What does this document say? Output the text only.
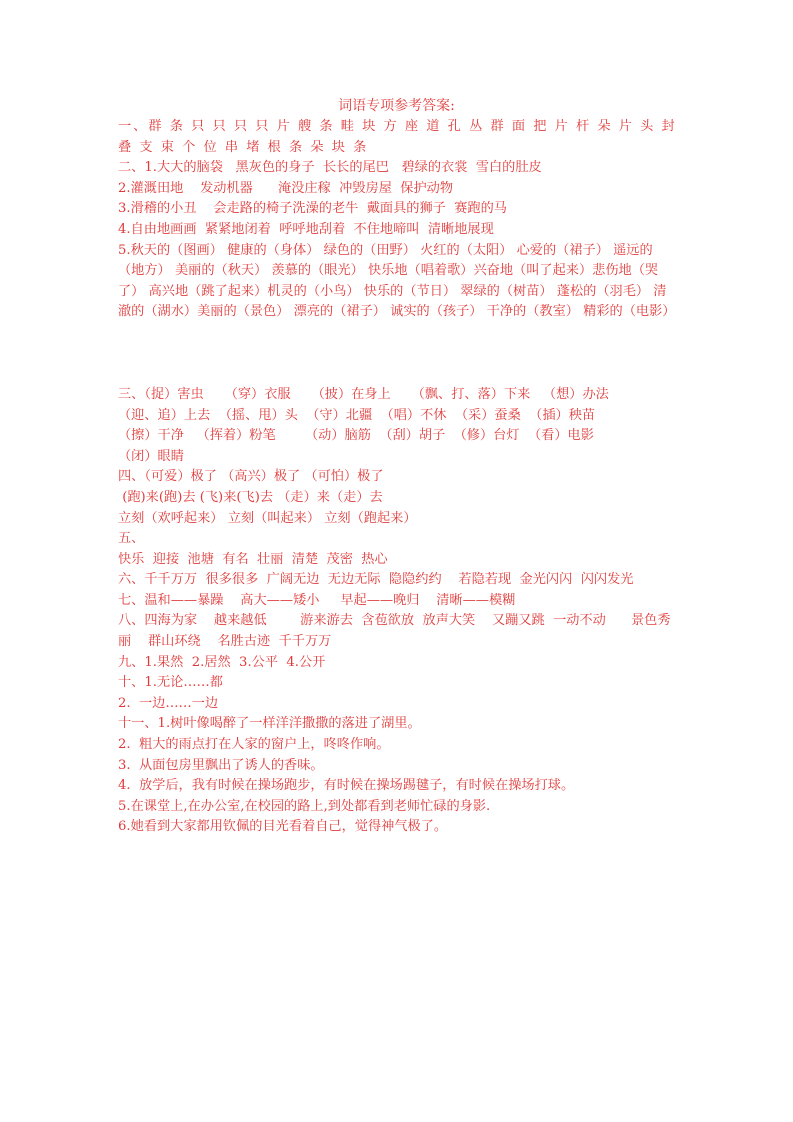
词语专项参考答案:
一、群 条 只 只 只 只 片 艘 条 畦 块 方 座 道 孔 丛 群 面 把 片 杆 朵 片 头 封 叠 支 束 个 位 串 堵 根 条 朵 块 条
二、1.大大的脑袋   黑灰色的身子  长长的尾巴   碧绿的衣裳  雪白的肚皮
2.灌溉田地    发动机器      淹没庄稼  冲毁房屋  保护动物
3.滑稽的小丑    会走路的椅子洗澡的老牛  戴面具的狮子  赛跑的马
4.自由地画画  紧紧地闭着  呼呼地刮着  不住地啼叫  清晰地展现
5.秋天的（图画） 健康的（身体） 绿色的（田野） 火红的（太阳） 心爱的（裙子） 遥远的（地方） 美丽的（秋天） 羡慕的（眼光） 快乐地（唱着歌）兴奋地（叫了起来）悲伤地（哭了） 高兴地（跳了起来）机灵的（小鸟） 快乐的（节日） 翠绿的（树苗） 蓬松的（羽毛） 清澈的（湖水）美丽的（景色） 漂亮的（裙子） 诚实的（孩子） 干净的（教室） 精彩的（电影）
三、（捉）害虫     （穿）衣服     （披）在身上     （飘、打、落）下来   （想）办法
（迎、追）上去  （摇、甩）头  （守）北疆  （唱）不休  （采）蚕桑  （插）秧苗
（擦）干净   （挥着）粉笔       （动）脑筋  （刮）胡子  （修）台灯  （看）电影
（闭）眼睛
四、（可爱）极了 （高兴）极了 （可怕）极了
(跑)来(跑)去 (飞)来(飞)去 （走）来（走）去
立刻（欢呼起来） 立刻（叫起来） 立刻（跑起来）
五、
快乐  迎接  池塘  有名  壮丽  清楚  茂密  热心
六、千千万万  很多很多  广阔无边  无边无际  隐隐约约    若隐若现  金光闪闪  闪闪发光
七、温和——暴躁    高大——矮小     早起——晚归    清晰——模糊
八、四海为家    越来越低        游来游去  含苞欲放  放声大笑    又蹦又跳  一动不动      景色秀丽    群山环绕    名胜古迹  千千万万
九、1.果然  2.居然  3.公平  4.公开
十、1.无论……都
2.  一边……一边
十一、1.树叶像喝醉了一样洋洋撒撒的落进了湖里。
2.  粗大的雨点打在人家的窗户上，咚咚作响。
3.  从面包房里飘出了诱人的香味。
4.  放学后，我有时候在操场跑步，有时候在操场踢毽子，有时候在操场打球。
5.在课堂上,在办公室,在校园的路上,到处都看到老师忙碌的身影.
6.她看到大家都用钦佩的目光看着自己，觉得神气极了。
